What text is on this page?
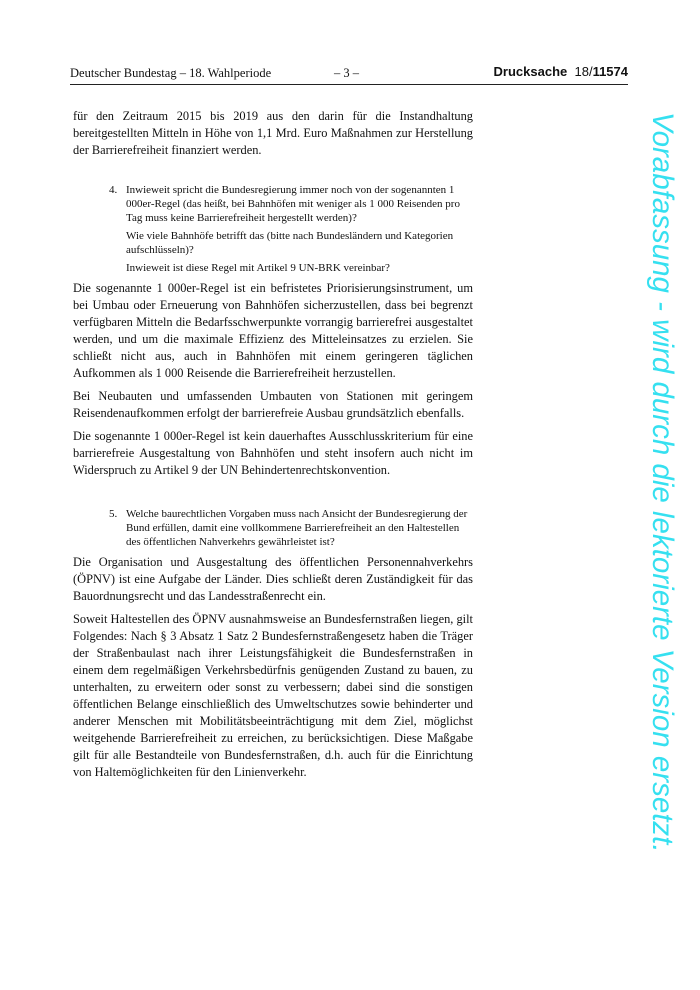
Deutscher Bundestag – 18. Wahlperiode	– 3 –	Drucksache 18/11574

für den Zeitraum 2015 bis 2019 aus den darin für die Instandhaltung bereitgestellten Mitteln in Höhe von 1,1 Mrd. Euro Maßnahmen zur Herstellung der Barrierefreiheit finanziert werden.

4. Inwieweit spricht die Bundesregierung immer noch von der sogenannten 1 000er-Regel (das heißt, bei Bahnhöfen mit weniger als 1 000 Reisenden pro Tag muss keine Barrierefreiheit hergestellt werden)?
Wie viele Bahnhöfe betrifft das (bitte nach Bundesländern und Kategorien aufschlüsseln)?
Inwieweit ist diese Regel mit Artikel 9 UN-BRK vereinbar?

Die sogenannte 1 000er-Regel ist ein befristetes Priorisierungsinstrument, um bei Umbau oder Erneuerung von Bahnhöfen sicherzustellen, dass bei begrenzt verfügbaren Mitteln die Bedarfsschwerpunkte vorrangig barrierefrei ausgestaltet werden, und um die maximale Effizienz des Mitteleinsatzes zu erzielen. Sie schließt nicht aus, auch in Bahnhöfen mit einem geringeren täglichen Aufkommen als 1 000 Reisende die Barrierefreiheit herzustellen.

Bei Neubauten und umfassenden Umbauten von Stationen mit geringem Reisendenaufkommen erfolgt der barrierefreie Ausbau grundsätzlich ebenfalls.

Die sogenannte 1 000er-Regel ist kein dauerhaftes Ausschlusskriterium für eine barrierefreie Ausgestaltung von Bahnhöfen und steht insofern auch nicht im Widerspruch zu Artikel 9 der UN Behindertenrechtskonvention.

5. Welche baurechtlichen Vorgaben muss nach Ansicht der Bundesregierung der Bund erfüllen, damit eine vollkommene Barrierefreiheit an den Haltestellen des öffentlichen Nahverkehrs gewährleistet ist?

Die Organisation und Ausgestaltung des öffentlichen Personennahverkehrs (ÖPNV) ist eine Aufgabe der Länder. Dies schließt deren Zuständigkeit für das Bauordnungsrecht und das Landesstraßenrecht ein.

Soweit Haltestellen des ÖPNV ausnahmsweise an Bundesfernstraßen liegen, gilt Folgendes: Nach § 3 Absatz 1 Satz 2 Bundesfernstraßengesetz haben die Träger der Straßenbaulast nach ihrer Leistungsfähigkeit die Bundesfernstraßen in einem dem regelmäßigen Verkehrsbedürfnis genügenden Zustand zu bauen, zu unterhalten, zu erweitern oder sonst zu verbessern; dabei sind die sonstigen öffentlichen Belange einschließlich des Umweltschutzes sowie behinderter und anderer Menschen mit Mobilitätsbeeinträchtigung mit dem Ziel, möglichst weitgehende Barrierefreiheit zu erreichen, zu berücksichtigen. Diese Maßgabe gilt für alle Bestandteile von Bundesfernstraßen, d.h. auch für die Einrichtung von Haltemöglichkeiten für den Linienverkehr.	Vorabfassung - wird durch die lektorierte Version ersetzt.
